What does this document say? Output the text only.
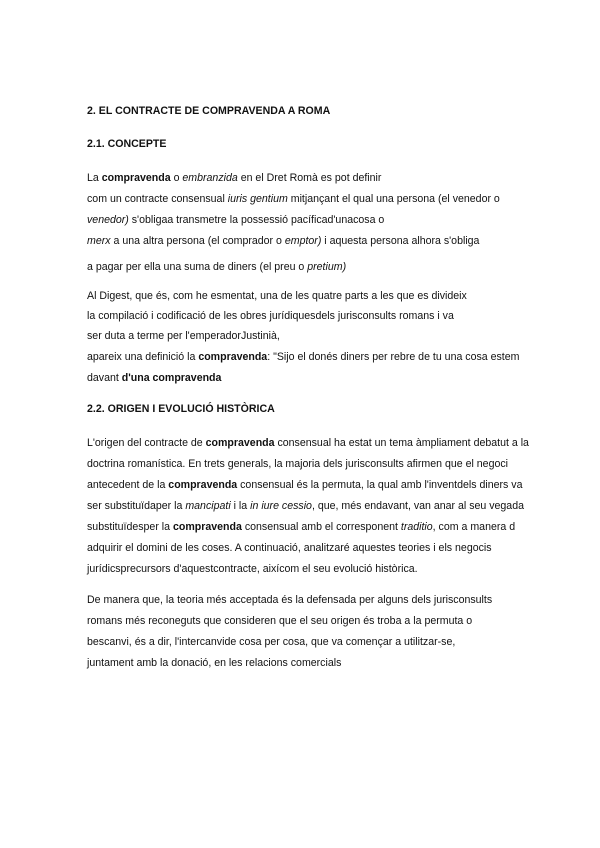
2. EL CONTRACTE DE COMPRAVENDA A ROMA
2.1. CONCEPTE
La compravenda o embranzida en el Dret Romà es pot definir
com un contracte consensual iuris gentium mitjançant el qual una persona (el venedor o
venedor) s'obligaa transmetre la possessió pacíficad'unacosa o
merx a una altra persona (el comprador o emptor) i aquesta persona alhora s'obliga
a pagar per ella una suma de diners (el preu o pretium)
Al Digest, que és, com he esmentat, una de les quatre parts a les que es divideix
la compilació i codificació de les obres jurídiquesdels jurisconsults romans i va
ser duta a terme per l'emperadorJustinià,
apareix una definició la compravenda: "Sijo el donés diners per rebre de tu una cosa estem
davant d'una compravenda
2.2. ORIGEN I EVOLUCIÓ HISTÒRICA
L'origen del contracte de compravenda consensual ha estat un tema àmpliament debatut a la
doctrina romanística. En trets generals, la majoria dels jurisconsults afirmen que el negoci
antecedent de la compravenda consensual és la permuta, la qual amb l'inventdels diners va
ser substituïdaper la mancipati i la in iure cessio, que, més endavant, van anar al seu vegada
substituïdesper la compravenda consensual amb el corresponent traditio, com a manera d
adquirir el domini de les coses. A continuació, analitzaré aquestes teories i els negocis
jurídicsprecursors d'aquestcontracte, aixícom el seu evolució històrica.
De manera que, la teoria més acceptada és la defensada per alguns dels jurisconsults
romans més reconeguts que consideren que el seu origen és troba a la permuta o
bescanvi, és a dir, l'intercanvide cosa per cosa, que va començar a utilitzar-se,
juntament amb la donació, en les relacions comercials
